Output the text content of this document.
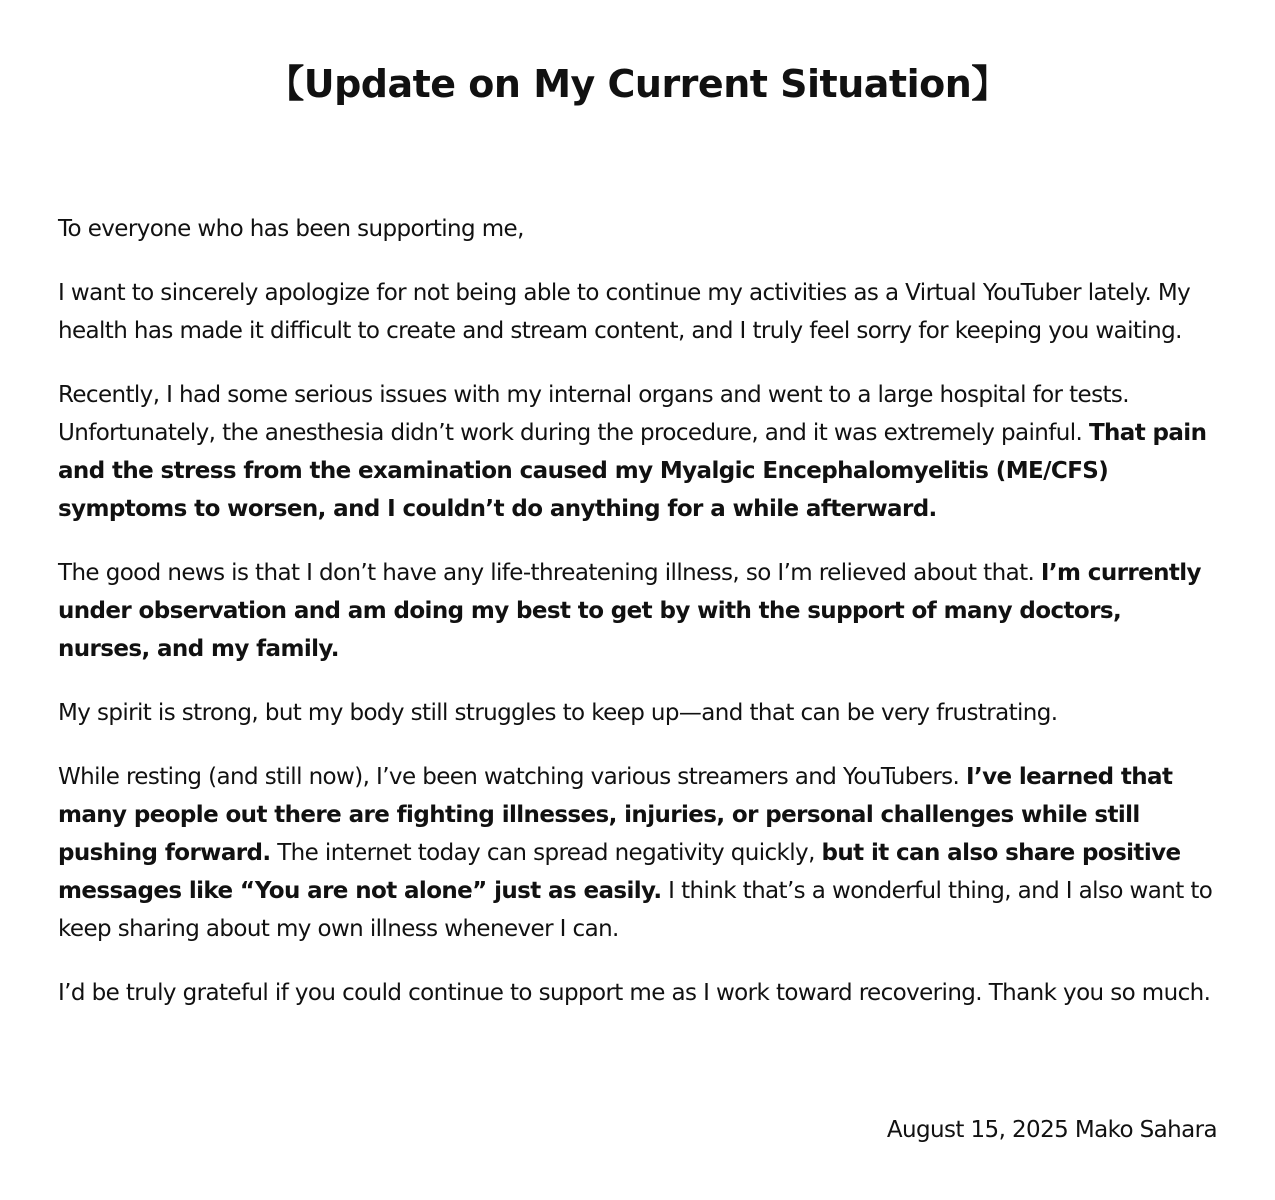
【Update on My Current Situation】

To everyone who has been supporting me,

I want to sincerely apologize for not being able to continue my activities as a Virtual YouTuber lately. My health has made it difficult to create and stream content, and I truly feel sorry for keeping you waiting.

Recently, I had some serious issues with my internal organs and went to a large hospital for tests. Unfortunately, the anesthesia didn’t work during the procedure, and it was extremely painful. That pain and the stress from the examination caused my Myalgic Encephalomyelitis (ME/CFS) symptoms to worsen, and I couldn’t do anything for a while afterward.

The good news is that I don’t have any life-threatening illness, so I’m relieved about that. I’m currently under observation and am doing my best to get by with the support of many doctors, nurses, and my family.

My spirit is strong, but my body still struggles to keep up—and that can be very frustrating.

While resting (and still now), I’ve been watching various streamers and YouTubers. I’ve learned that many people out there are fighting illnesses, injuries, or personal challenges while still pushing forward. The internet today can spread negativity quickly, but it can also share positive messages like “You are not alone” just as easily. I think that’s a wonderful thing, and I also want to keep sharing about my own illness whenever I can.

I’d be truly grateful if you could continue to support me as I work toward recovering. Thank you so much.

August 15, 2025 Mako Sahara
